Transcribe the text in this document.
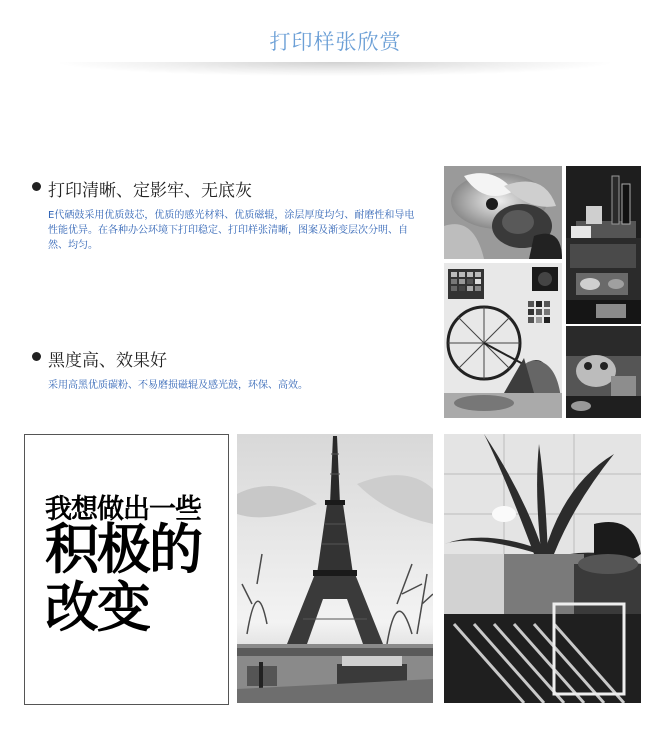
打印样张欣赏
打印清晰、定影牢、无底灰
E代硒鼓采用优质鼓芯，优质的感光材料、优质磁辊，涂层厚度均匀、耐磨性和导电性能优异。在各种办公环境下打印稳定、打印样张清晰，图案及渐变层次分明、自然、均匀。
黑度高、效果好
采用高黑优质碳粉、不易磨损磁辊及感光鼓，环保、高效。
我想做出一些
积极的
改变
